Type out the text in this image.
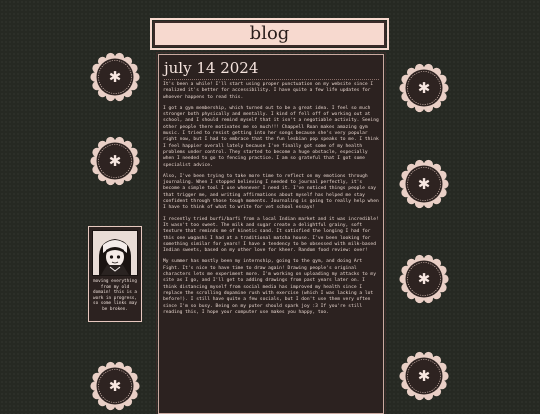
blog
july 14 2024

It's been a while! I'll start using proper punctuation on my website since I realized it's better for accessibility. I have quite a few life updates for whoever happens to read this.

I got a gym membership, which turned out to be a great idea. I feel so much stronger both physically and mentally. I kind of fell off of working out at school, and I should remind myself that it isn't a negotiable activity. Seeing other people there motivates me so much!!! Chappell Roan makes amazing gym music. I tried to resist getting into her songs because she's very popular right now, but I had to embrace that the fun lesbian pop speaks to me. I think I feel happier overall lately because I've finally got some of my health problems under control. They started to become a huge obstacle, especially when I needed to go to fencing practice. I am so grateful that I got some specialist advice.

Also, I've been trying to take more time to reflect on my emotions through journaling. When I stopped believing I needed to journal perfectly, it's become a simple tool I use whenever I need it. I've noticed things people say that trigger me, and writing affirmations about myself has helped me stay confident through those tough moments. Journaling is going to really help when I have to think of what to write for vet school essays!

I recently tried burfi/barfi from a local Indian market and it was incredible! It wasn't too sweet. The milk and sugar create a delightful grainy, soft texture that reminds me of kinetic sand. It satisfied the longing I had for this one wagashi I had at a traditional matcha house. I've been looking for something similar for years! I have a tendency to be obsessed with milk-based Indian sweets, based on my other love for kheer. Random food review: over!

My summer has mostly been my internship, going to the gym, and doing Art Fight. It's nice to have time to draw again! Drawing people's original characters lets me experiment more. I'm working on uploading my attacks to my site as I go, and I'll get to adding drawings from past years later on. I think distancing myself from social media has improved my health since I replace the scrolling dopamine rush with exercise (which I was lacking a lot before!). I still have quite a few socials, but I don't use them very often since I'm so busy. Being on my puter should spark joy :3 If you're still reading this, I hope your computer use makes you happy, too.

moving everything from my old domain! this is a work in progress, so some links may be broken.
✱
✱
✱
✱
✱
✱
✱
